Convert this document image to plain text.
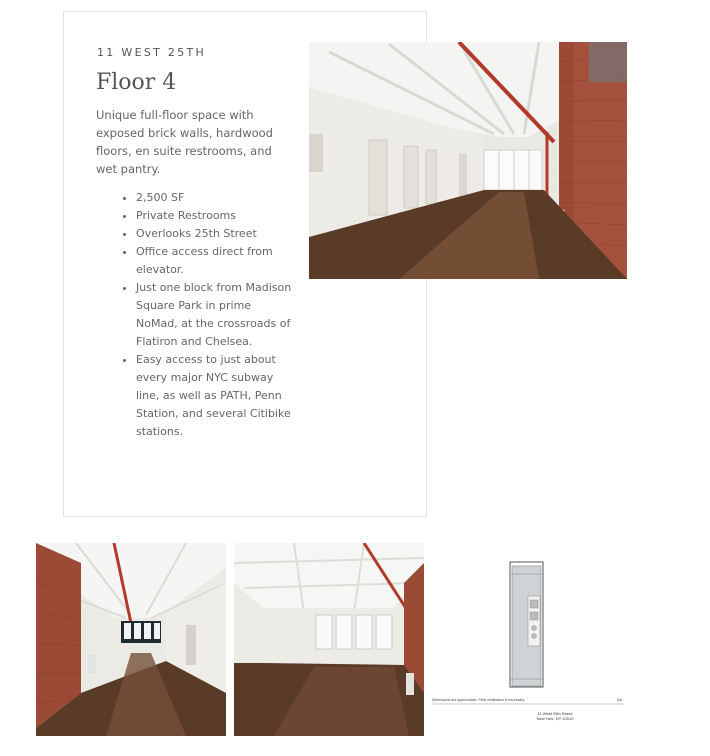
11 WEST 25TH
Floor 4

Unique full-floor space with exposed brick walls, hardwood floors, en suite restrooms, and wet pantry.

• 2,500 SF
• Private Restrooms
• Overlooks 25th Street
• Office access direct from elevator.
• Just one block from Madison Square Park in prime NoMad, at the crossroads of Flatiron and Chelsea.
• Easy access to just about every major NYC subway line, as well as PATH, Penn Station, and several Citibike stations.
Dimensions are approximate. Field verification is necessary.	Del
11 West 25th Street
New York, NY 10010
